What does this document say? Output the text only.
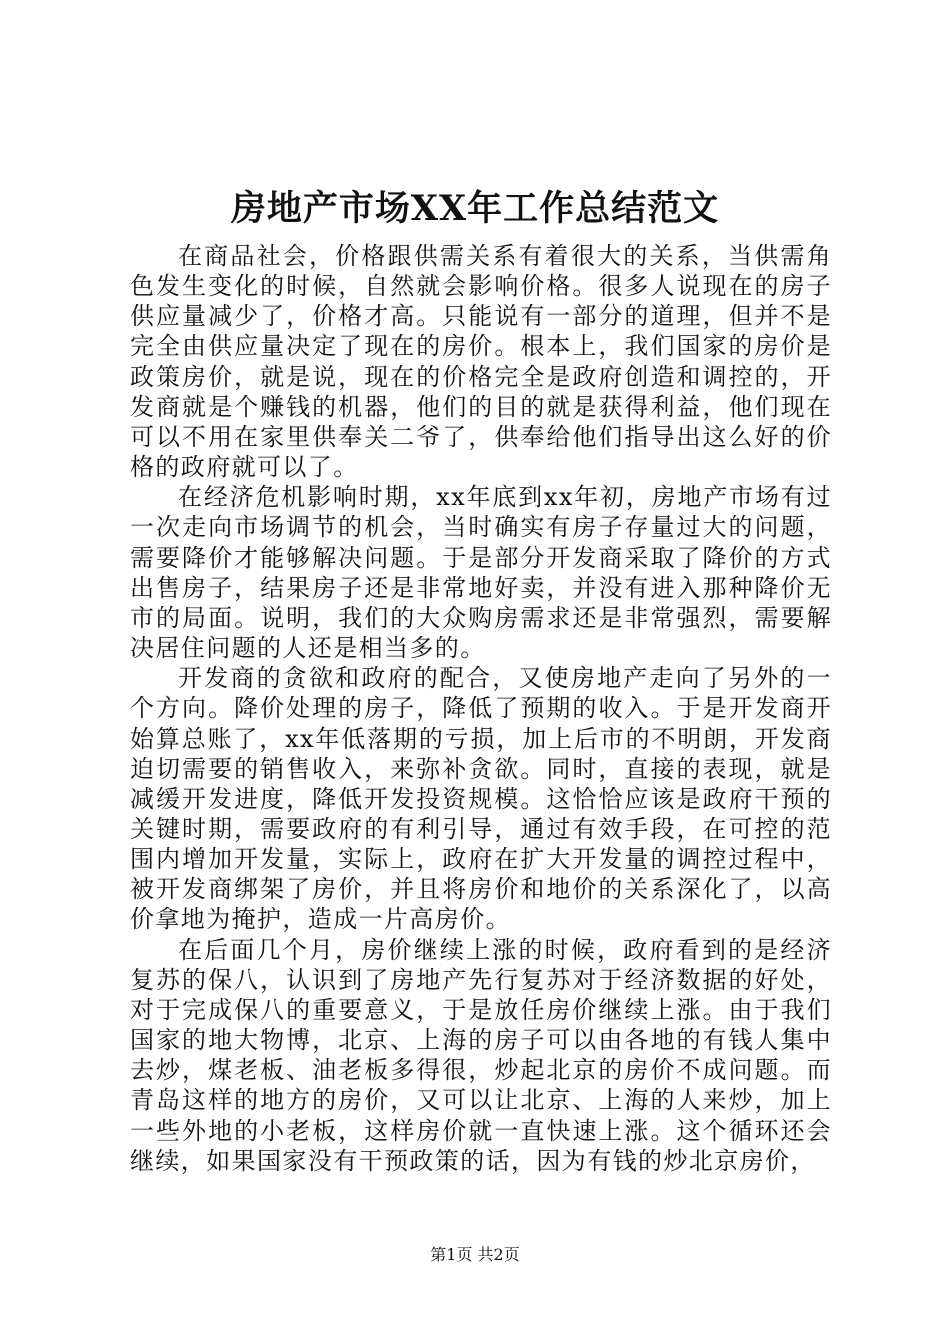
房地产市场XX年工作总结范文

在商品社会，价格跟供需关系有着很大的关系，当供需角色发生变化的时候，自然就会影响价格。很多人说现在的房子供应量减少了，价格才高。只能说有一部分的道理，但并不是完全由供应量决定了现在的房价。根本上，我们国家的房价是政策房价，就是说，现在的价格完全是政府创造和调控的，开发商就是个赚钱的机器，他们的目的就是获得利益，他们现在可以不用在家里供奉关二爷了，供奉给他们指导出这么好的价格的政府就可以了。

在经济危机影响时期，xx年底到xx年初，房地产市场有过一次走向市场调节的机会，当时确实有房子存量过大的问题，需要降价才能够解决问题。于是部分开发商采取了降价的方式出售房子，结果房子还是非常地好卖，并没有进入那种降价无市的局面。说明，我们的大众购房需求还是非常强烈，需要解决居住问题的人还是相当多的。

开发商的贪欲和政府的配合，又使房地产走向了另外的一个方向。降价处理的房子，降低了预期的收入。于是开发商开始算总账了，xx年低落期的亏损，加上后市的不明朗，开发商迫切需要的销售收入，来弥补贪欲。同时，直接的表现，就是减缓开发进度，降低开发投资规模。这恰恰应该是政府干预的关键时期，需要政府的有利引导，通过有效手段，在可控的范围内增加开发量，实际上，政府在扩大开发量的调控过程中，被开发商绑架了房价，并且将房价和地价的关系深化了，以高价拿地为掩护，造成一片高房价。

在后面几个月，房价继续上涨的时候，政府看到的是经济复苏的保八，认识到了房地产先行复苏对于经济数据的好处，对于完成保八的重要意义，于是放任房价继续上涨。由于我们国家的地大物博，北京、上海的房子可以由各地的有钱人集中去炒，煤老板、油老板多得很，炒起北京的房价不成问题。而青岛这样的地方的房价，又可以让北京、上海的人来炒，加上一些外地的小老板，这样房价就一直快速上涨。这个循环还会继续，如果国家没有干预政策的话，因为有钱的炒北京房价，

第1页 共2页
